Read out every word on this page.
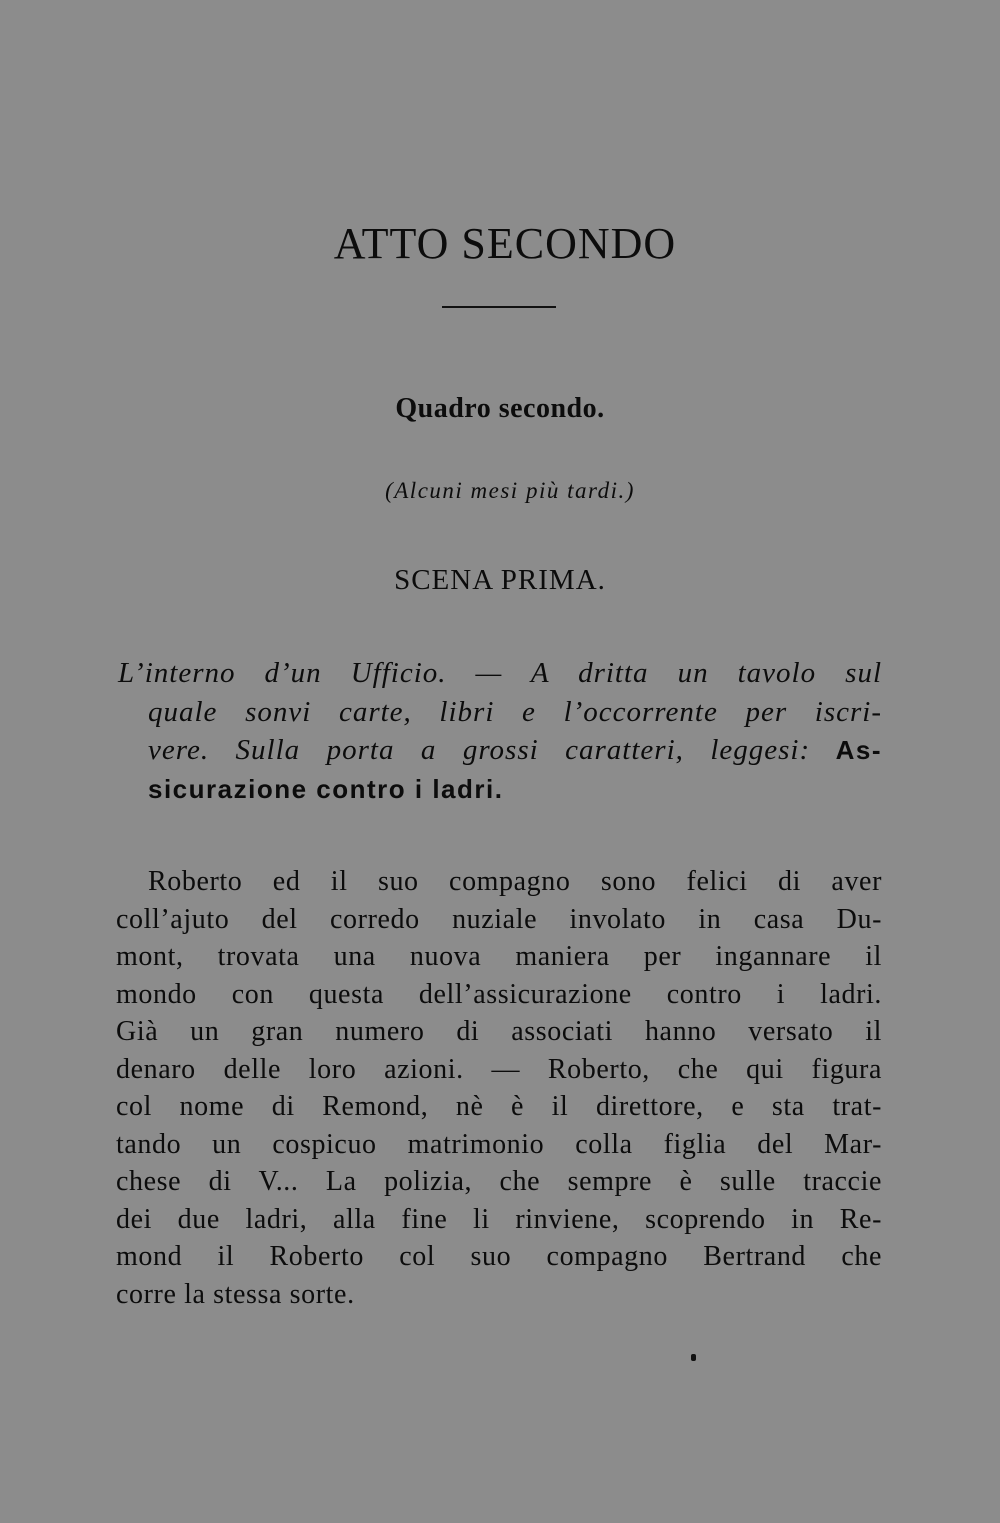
ATTO SECONDO
Quadro secondo.
(Alcuni mesi più tardi.)
SCENA PRIMA.
L’interno d’un Ufficio. — A dritta un tavolo sul
quale sonvi carte, libri e l’occorrente per iscri-
vere. Sulla porta a grossi caratteri, leggesi: As-
sicurazione contro i ladri.
Roberto ed il suo compagno sono felici di aver
coll’ajuto del corredo nuziale involato in casa Du-
mont, trovata una nuova maniera per ingannare il
mondo con questa dell’assicurazione contro i ladri.
Già un gran numero di associati hanno versato il
denaro delle loro azioni. — Roberto, che qui figura
col nome di Remond, nè è il direttore, e sta trat-
tando un cospicuo matrimonio colla figlia del Mar-
chese di V... La polizia, che sempre è sulle traccie
dei due ladri, alla fine li rinviene, scoprendo in Re-
mond il Roberto col suo compagno Bertrand che
corre la stessa sorte.
